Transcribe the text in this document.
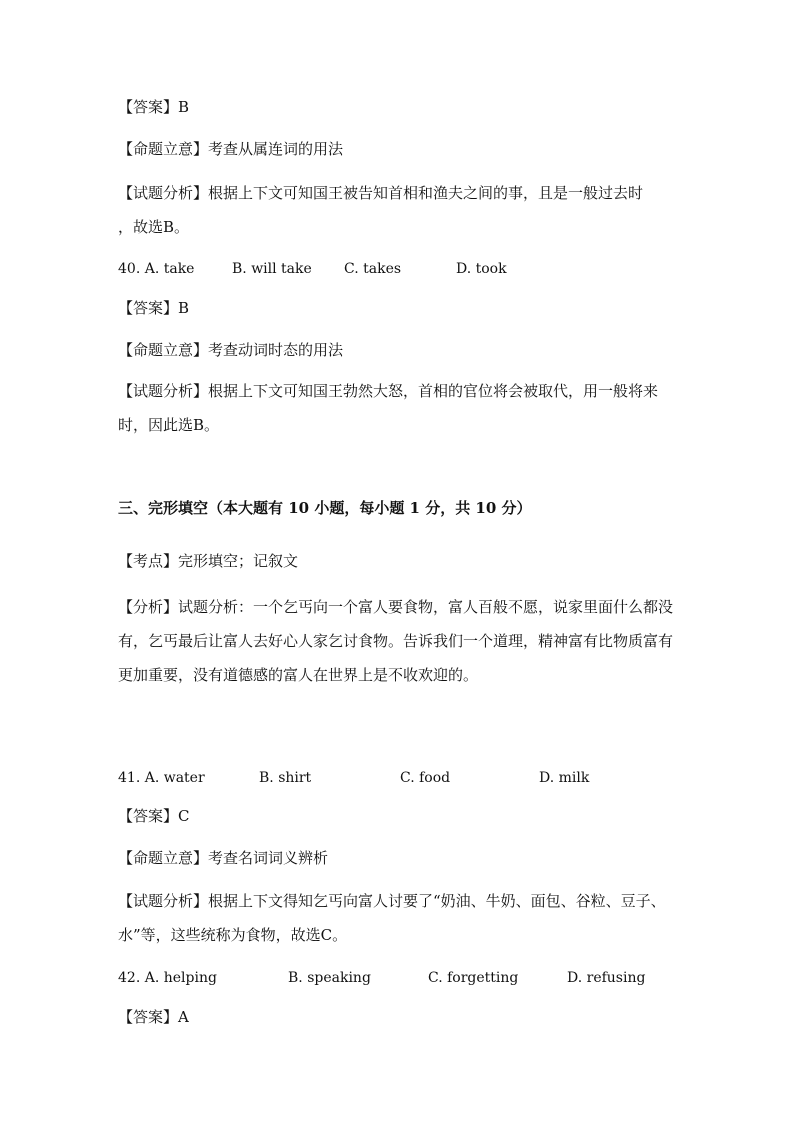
【答案】B
【命题立意】考查从属连词的用法
【试题分析】根据上下文可知国王被告知首相和渔夫之间的事，且是一般过去时
，故选B。
40. A. take	B. will take C. takes	D. took
【答案】B
【命题立意】考查动词时态的用法
【试题分析】根据上下文可知国王勃然大怒，首相的官位将会被取代，用一般将来时，因此选B。
三、完形填空（本大题有 10 小题，每小题 1 分，共 10 分）
【考点】完形填空；记叙文
【分析】试题分析：一个乞丐向一个富人要食物，富人百般不愿，说家里面什么都没有，乞丐最后让富人去好心人家乞讨食物。告诉我们一个道理，精神富有比物质富有更加重要，没有道德感的富人在世界上是不收欢迎的。
41. A. water	B. shirt	C. food	D. milk
【答案】C
【命题立意】考查名词词义辨析
【试题分析】根据上下文得知乞丐向富人讨要了“奶油、牛奶、面包、谷粒、豆子、水”等，这些统称为食物，故选C。
42. A. helping	B. speaking	C. forgetting	D. refusing
【答案】A
